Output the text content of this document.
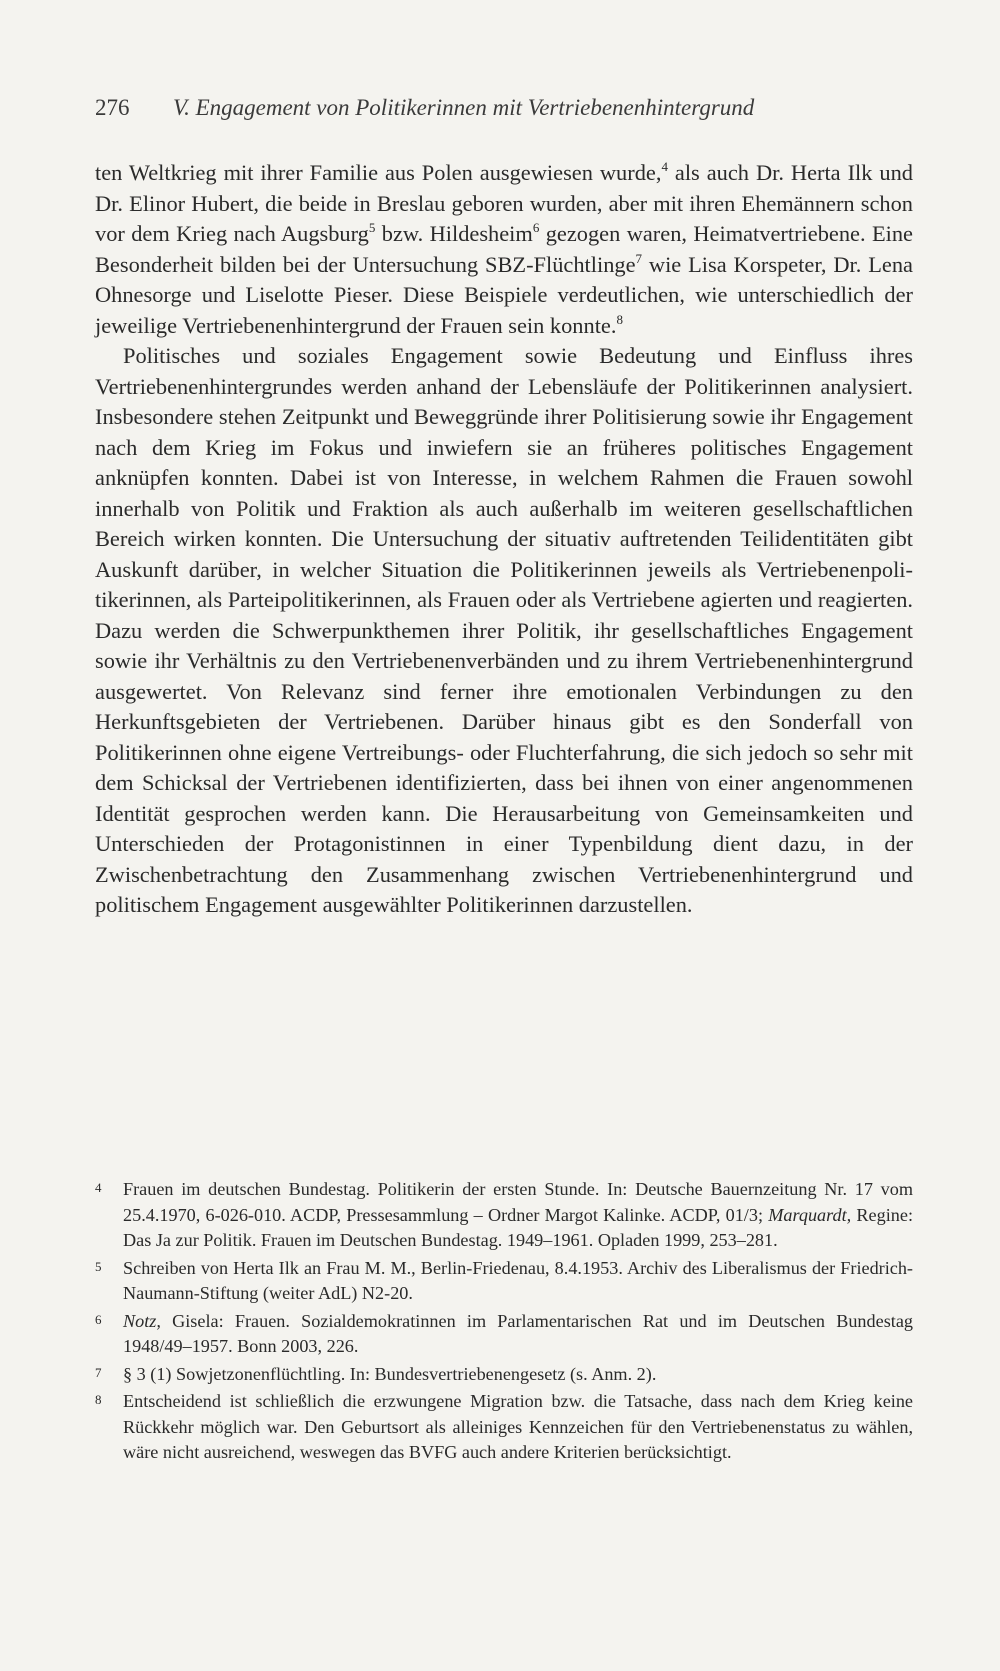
276 V. Engagement von Politikerinnen mit Vertriebenenhintergrund

ten Weltkrieg mit ihrer Familie aus Polen ausgewiesen wurde,$^4$ als auch Dr. Herta Ilk und Dr. Elinor Hubert, die beide in Breslau geboren wurden, aber mit ihren Ehemännern schon vor dem Krieg nach Augsburg$^5$ bzw. Hildesheim$^6$ gezogen waren, Heimatvertriebene. Eine Besonderheit bilden bei der Untersuchung SBZ-Flüchtlinge$^7$ wie Lisa Korspeter, Dr. Lena Ohnesorge und Liselotte Pieser. Diese Beispiele verdeutlichen, wie unterschiedlich der jeweilige Vertriebenenhintergrund der Frauen sein konnte.$^8$

Politisches und soziales Engagement sowie Bedeutung und Einfluss ihres Vertriebenenhintergrundes werden anhand der Lebensläufe der Politikerinnen analysiert. Insbesondere stehen Zeitpunkt und Beweggründe ihrer Politisierung sowie ihr Engagement nach dem Krieg im Fokus und inwiefern sie an früheres politisches Engagement anknüpfen konnten. Dabei ist von Interesse, in welchem Rahmen die Frauen sowohl innerhalb von Politik und Fraktion als auch außerhalb im weiteren gesellschaftlichen Bereich wirken konnten. Die Untersuchung der situativ auftretenden Teilidentitäten gibt Auskunft darüber, in welcher Situation die Politikerinnen jeweils als Vertriebenenpolitikerinnen, als Parteipolitikerinnen, als Frauen oder als Vertriebene agierten und reagierten. Dazu werden die Schwerpunkthemen ihrer Politik, ihr gesellschaftliches Engagement sowie ihr Verhältnis zu den Vertriebenenverbänden und zu ihrem Vertriebenenhintergrund ausgewertet. Von Relevanz sind ferner ihre emotionalen Verbindungen zu den Herkunftsgebieten der Vertriebenen. Darüber hinaus gibt es den Sonderfall von Politikerinnen ohne eigene Vertreibungs- oder Fluchterfahrung, die sich jedoch so sehr mit dem Schicksal der Vertriebenen identifizierten, dass bei ihnen von einer angenommenen Identität gesprochen werden kann. Die Herausarbeitung von Gemeinsamkeiten und Unterschieden der Protagonistinnen in einer Typenbildung dient dazu, in der Zwischenbetrachtung den Zusammenhang zwischen Vertriebenenhintergrund und politischem Engagement ausgewählter Politikerinnen darzustellen.

4	Frauen im deutschen Bundestag. Politikerin der ersten Stunde. In: Deutsche Bauernzeitung Nr. 17 vom 25.4.1970, 6-026-010. ACDP, Pressesammlung – Ordner Margot Kalinke. ACDP, 01/3; Marquardt, Regine: Das Ja zur Politik. Frauen im Deutschen Bundestag. 1949–1961. Opladen 1999, 253–281.
5	Schreiben von Herta Ilk an Frau M. M., Berlin-Friedenau, 8.4.1953. Archiv des Liberalismus der Friedrich-Naumann-Stiftung (weiter AdL) N2-20.
6	Notz, Gisela: Frauen. Sozialdemokratinnen im Parlamentarischen Rat und im Deutschen Bundestag 1948/49–1957. Bonn 2003, 226.
7	§ 3 (1) Sowjetzonenflüchtling. In: Bundesvertriebenengesetz (s. Anm. 2).
8	Entscheidend ist schließlich die erzwungene Migration bzw. die Tatsache, dass nach dem Krieg keine Rückkehr möglich war. Den Geburtsort als alleiniges Kennzeichen für den Vertriebenenstatus zu wählen, wäre nicht ausreichend, weswegen das BVFG auch andere Kriterien berücksichtigt.
